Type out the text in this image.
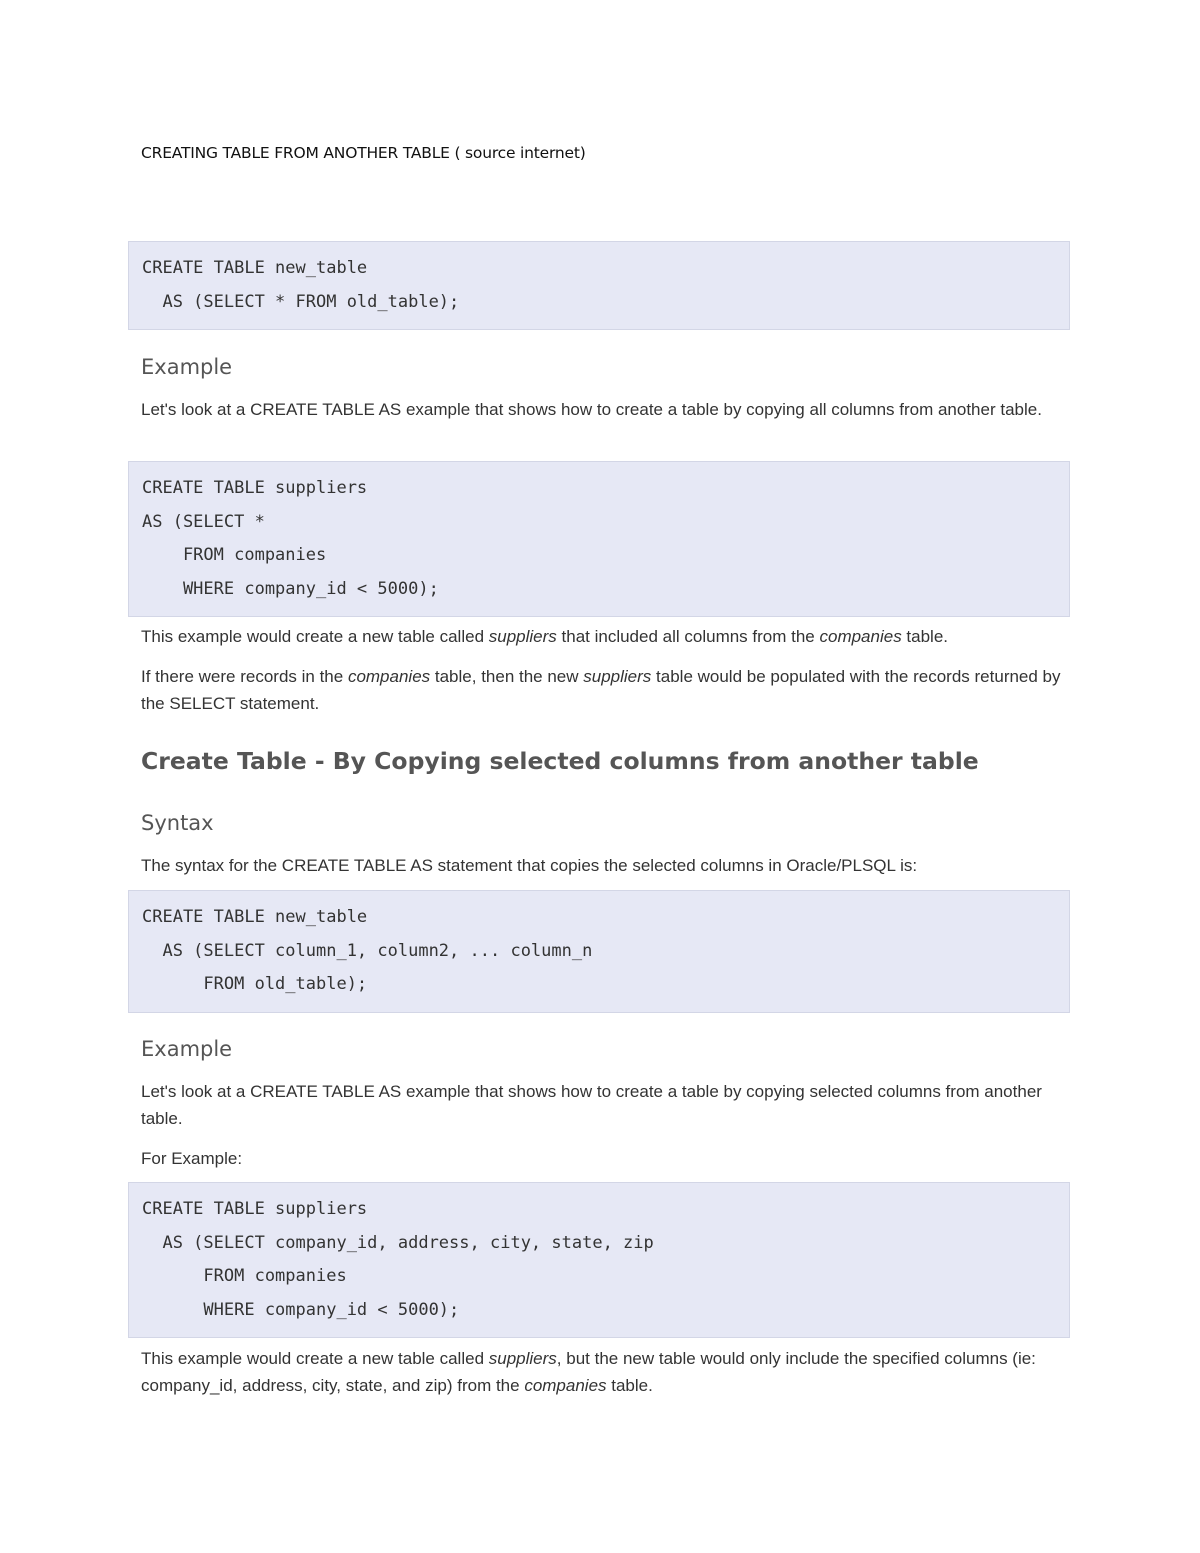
CREATING TABLE FROM ANOTHER TABLE ( source internet)
CREATE TABLE new_table
AS (SELECT * FROM old_table);
Example
Let's look at a CREATE TABLE AS example that shows how to create a table by copying all columns from another table.
CREATE TABLE suppliers
AS (SELECT *
FROM companies
WHERE company_id < 5000);
This example would create a new table called suppliers that included all columns from the companies table.
If there were records in the companies table, then the new suppliers table would be populated with the records returned by the SELECT statement.
Create Table - By Copying selected columns from another table
Syntax
The syntax for the CREATE TABLE AS statement that copies the selected columns in Oracle/PLSQL is:
CREATE TABLE new_table
AS (SELECT column_1, column2, ... column_n
FROM old_table);
Example
Let's look at a CREATE TABLE AS example that shows how to create a table by copying selected columns from another table.
For Example:
CREATE TABLE suppliers
AS (SELECT company_id, address, city, state, zip
FROM companies
WHERE company_id < 5000);
This example would create a new table called suppliers, but the new table would only include the specified columns (ie: company_id, address, city, state, and zip) from the companies table.
